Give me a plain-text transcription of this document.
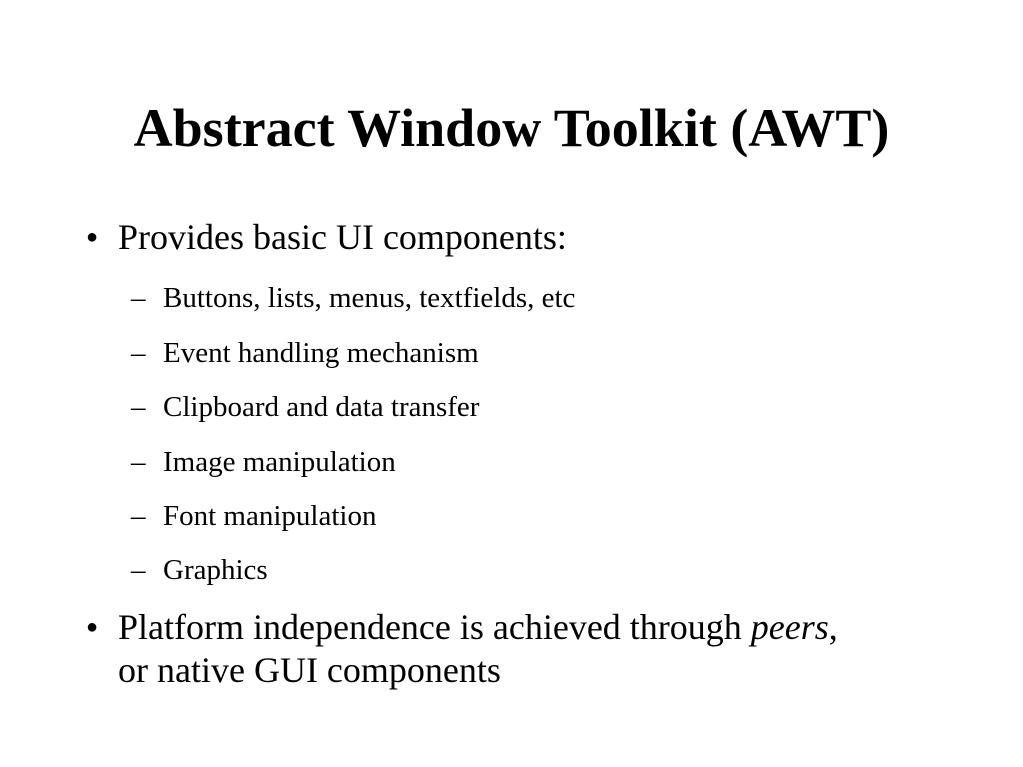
Abstract Window Toolkit (AWT)
● Provides basic UI components:
– Buttons, lists, menus, textfields, etc
– Event handling mechanism
– Clipboard and data transfer
– Image manipulation
– Font manipulation
– Graphics
● Platform independence is achieved through peers,
or native GUI components
